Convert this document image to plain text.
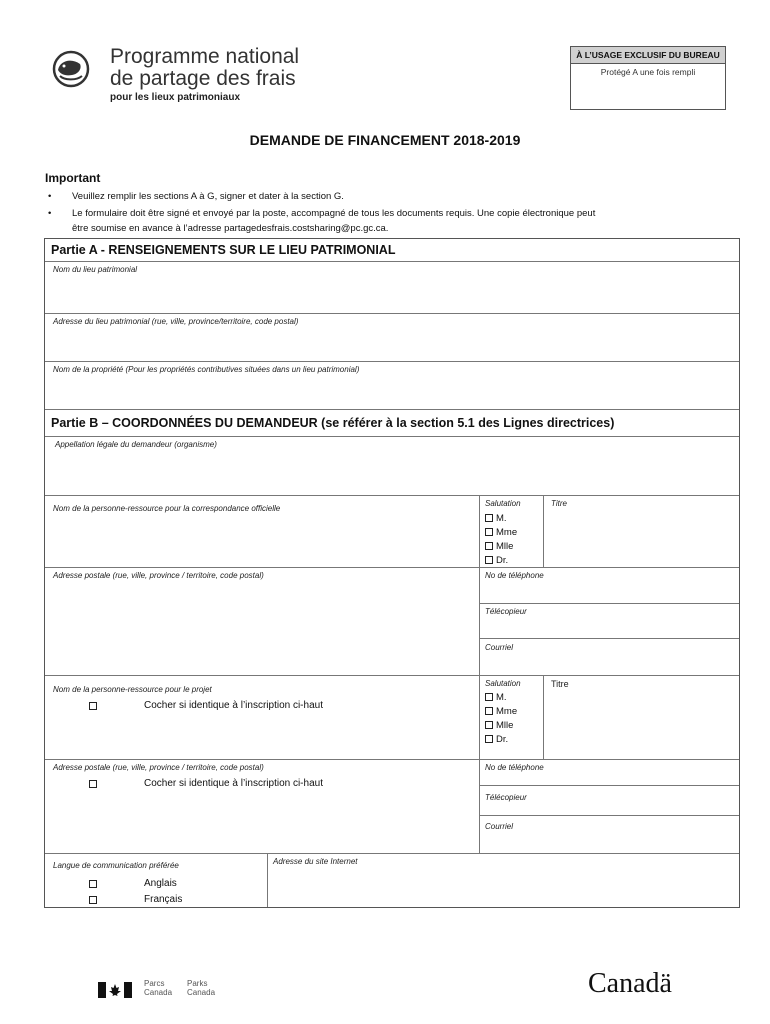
Programme national
de partage des frais
pour les lieux patrimoniaux
À L’USAGE EXCLUSIF DU BUREAU
Protégé A une fois rempli
DEMANDE DE FINANCEMENT 2018-2019
Important
• Veuillez remplir les sections A à G, signer et dater à la section G.
• Le formulaire doit être signé et envoyé par la poste, accompagné de tous les documents requis. Une copie électronique peut
être soumise en avance à l’adresse partagedesfrais.costsharing@pc.gc.ca.
Partie A - RENSEIGNEMENTS SUR LE LIEU PATRIMONIAL
Nom du lieu patrimonial
Adresse du lieu patrimonial (rue, ville, province/territoire, code postal)
Nom de la propriété (Pour les propriétés contributives situées dans un lieu patrimonial)
Partie B – COORDONNÉES DU DEMANDEUR (se référer à la section 5.1 des Lignes directrices)
Appellation légale du demandeur (organisme)
Nom de la personne-ressource pour la correspondance officielle
Salutation	Titre
M.
Mme
Mlle
Dr.
Adresse postale (rue, ville, province / territoire, code postal)	No de téléphone
Télécopieur
Courriel
Nom de la personne-ressource pour le projet
Cocher si identique à l’inscription ci-haut
Salutation	Titre
M.
Mme
Mlle
Dr.
Adresse postale (rue, ville, province / territoire, code postal)
Cocher si identique à l’inscription ci-haut
No de téléphone
Télécopieur
Courriel
Langue de communication préférée
Anglais
Français
Adresse du site Internet
Parcs
Canada
Parks
Canada	Canadä
